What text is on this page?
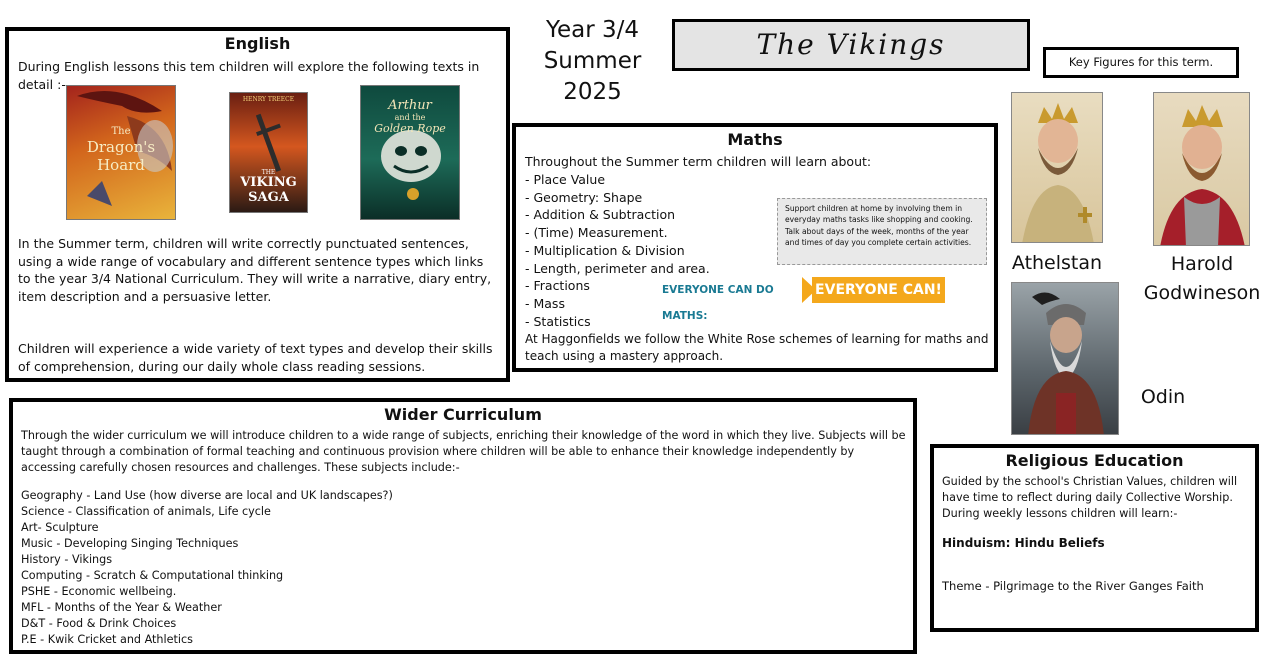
English

During English lessons this tem children will explore the following texts in detail :-

The
Dragon's
Hoard
HENRY TREECE
THE
VIKING
SAGA
Arthur
and the
Golden Rope

In the Summer term, children will write correctly punctuated sentences, using a wide range of vocabulary and different sentence types which links to the year 3/4 National Curriculum. They will write a narrative, diary entry, item description and a persuasive letter.

Children will experience a wide variety of text types and develop their skills of comprehension, during our daily whole class reading sessions.

Year 3/4
Summer
2025
The Vikings
Key Figures for this term.
Maths

Throughout the Summer term children will learn about:

- Place Value
- Geometry: Shape
- Addition & Subtraction
- (Time) Measurement.
- Multiplication & Division
- Length, perimeter and area.
- Fractions
- Mass
- Statistics
Support children at home by involving them in everyday maths tasks like shopping and cooking. Talk about days of the week, months of the year and times of day you complete certain activities.
EVERYONE CAN DO MATHS:
EVERYONE CAN!

At Haggonfields we follow the White Rose schemes of learning for maths and teach using a mastery approach.

Athelstan	Harold
Godwineson
Odin
Wider Curriculum

Through the wider curriculum we will introduce children to a wide range of subjects, enriching their knowledge of the word in which they live. Subjects will be taught through a combination of formal teaching and continuous provision where children will be able to enhance their knowledge independently by accessing carefully chosen resources and challenges. These subjects include:-

Geography - Land Use (how diverse are local and UK landscapes?)
Science - Classification of animals, Life cycle
Art- Sculpture
Music - Developing Singing Techniques
History - Vikings
Computing - Scratch & Computational thinking
PSHE - Economic wellbeing.
MFL - Months of the Year & Weather
D&T - Food & Drink Choices
P.E - Kwik Cricket and Athletics
Religious Education

Guided by the school's Christian Values, children will have time to reflect during daily Collective Worship. During weekly lessons children will learn:-

Hinduism: Hindu Beliefs
Theme - Pilgrimage to the River Ganges Faith
